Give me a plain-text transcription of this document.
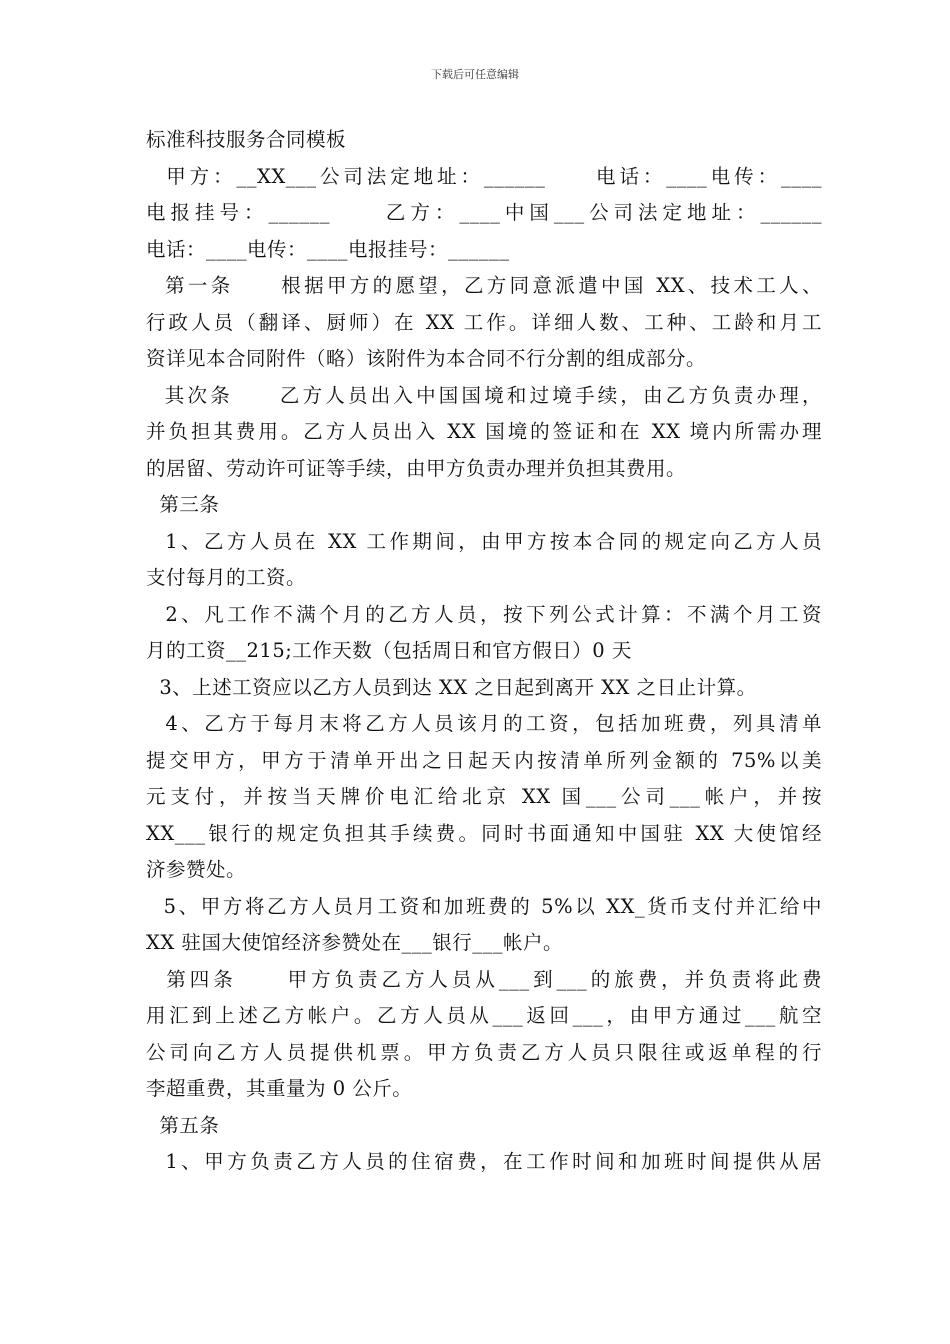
下载后可任意编辑
标准科技服务合同模板
甲方：__XX___公司法定地址：______     电话：____电传：____
电报挂号：______     乙方：____中国___公司法定地址：______
电话：____电传：____电报挂号：______
第一条     根据甲方的愿望，乙方同意派遣中国 XX、技术工人、
行政人员（翻译、厨师）在 XX 工作。详细人数、工种、工龄和月工
资详见本合同附件（略）该附件为本合同不行分割的组成部分。
其次条     乙方人员出入中国国境和过境手续，由乙方负责办理，
并负担其费用。乙方人员出入 XX 国境的签证和在 XX 境内所需办理
的居留、劳动许可证等手续，由甲方负责办理并负担其费用。
第三条
1、乙方人员在 XX 工作期间，由甲方按本合同的规定向乙方人员
支付每月的工资。
2、凡工作不满个月的乙方人员，按下列公式计算：不满个月工资
月的工资__215;工作天数（包括周日和官方假日）0 天
3、上述工资应以乙方人员到达 XX 之日起到离开 XX 之日止计算。
4、乙方于每月末将乙方人员该月的工资，包括加班费，列具清单
提交甲方，甲方于清单开出之日起天内按清单所列金额的 75%以美
元支付，并按当天牌价电汇给北京 XX 国___公司___帐户，并按
XX___银行的规定负担其手续费。同时书面通知中国驻 XX 大使馆经
济参赞处。
5、甲方将乙方人员月工资和加班费的 5%以 XX_货币支付并汇给中
XX 驻国大使馆经济参赞处在___银行___帐户。
第四条     甲方负责乙方人员从___到___的旅费，并负责将此费
用汇到上述乙方帐户。乙方人员从___返回___，由甲方通过___航空
公司向乙方人员提供机票。甲方负责乙方人员只限往或返单程的行
李超重费，其重量为 0 公斤。
第五条
1、甲方负责乙方人员的住宿费，在工作时间和加班时间提供从居
